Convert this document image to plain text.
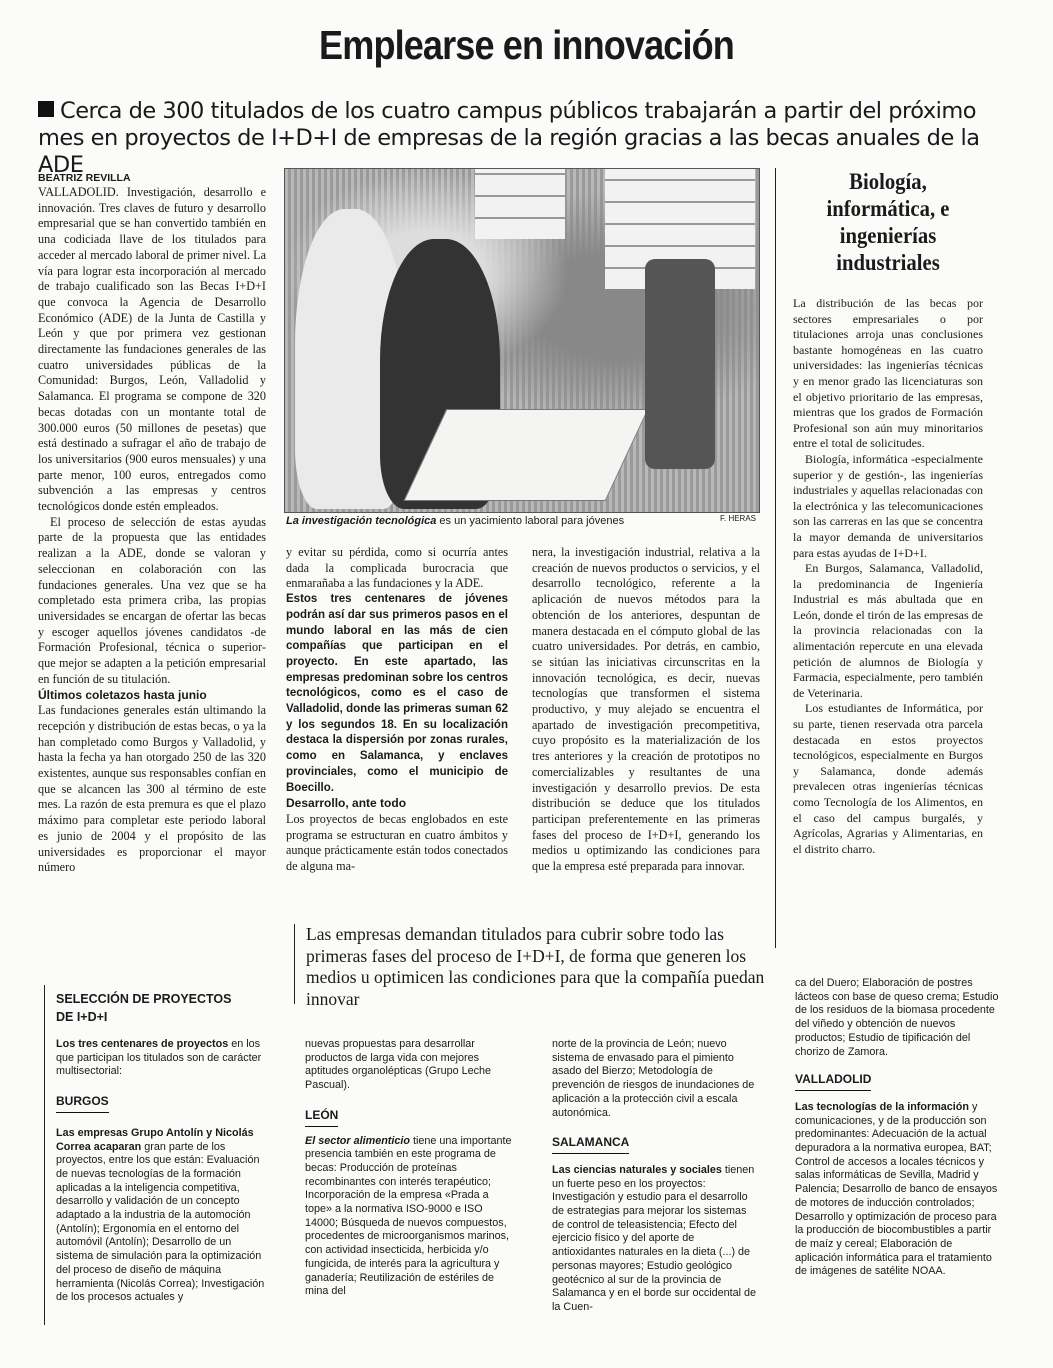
Emplearse en innovación
Cerca de 300 titulados de los cuatro campus públicos trabajarán a partir del próximo mes en proyectos de I+D+I de empresas de la región gracias a las becas anuales de la ADE
BEATRIZ REVILLA

VALLADOLID. Investigación, desarrollo e innovación. Tres claves de futuro y desarrollo empresarial que se han convertido también en una codiciada llave de los titulados para acceder al mercado laboral de primer nivel. La vía para lograr esta incorporación al mercado de trabajo cualificado son las Becas I+D+I que convoca la Agencia de Desarrollo Económico (ADE) de la Junta de Castilla y León y que por primera vez gestionan directamente las fundaciones generales de las cuatro universidades públicas de la Comunidad: Burgos, León, Valladolid y Salamanca. El programa se compone de 320 becas dotadas con un montante total de 300.000 euros (50 millones de pesetas) que está destinado a sufragar el año de trabajo de los universitarios (900 euros mensuales) y una parte menor, 100 euros, entregados como subvención a las empresas y centros tecnológicos donde estén empleados.

El proceso de selección de estas ayudas parte de la propuesta que las entidades realizan a la ADE, donde se valoran y seleccionan en colaboración con las fundaciones generales. Una vez que se ha completado esta primera criba, las propias universidades se encargan de ofertar las becas y escoger aquellos jóvenes candidatos -de Formación Profesional, técnica o superior- que mejor se adapten a la petición empresarial en función de su titulación.

Últimos coletazos hasta junio

Las fundaciones generales están ultimando la recepción y distribución de estas becas, o ya la han completado como Burgos y Valladolid, y hasta la fecha ya han otorgado 250 de las 320 existentes, aunque sus responsables confían en que se alcancen las 300 al término de este mes. La razón de esta premura es que el plazo máximo para completar este periodo laboral es junio de 2004 y el propósito de las universidades es proporcionar el mayor número

La investigación tecnológica es un yacimiento laboral para jóvenes	F. HERAS

y evitar su pérdida, como si ocurría antes dada la complicada burocracia que enmarañaba a las fundaciones y la ADE.

Estos tres centenares de jóvenes podrán así dar sus primeros pasos en el mundo laboral en las más de cien compañías que participan en el proyecto. En este apartado, las empresas predominan sobre los centros tecnológicos, como es el caso de Valladolid, donde las primeras suman 62 y los segundos 18. En su localización destaca la dispersión por zonas rurales, como en Salamanca, y enclaves provinciales, como el municipio de Boecillo.

Desarrollo, ante todo

Los proyectos de becas englobados en este programa se estructuran en cuatro ámbitos y aunque prácticamente están todos conectados de alguna ma-

nera, la investigación industrial, relativa a la creación de nuevos productos o servicios, y el desarrollo tecnológico, referente a la aplicación de nuevos métodos para la obtención de los anteriores, despuntan de manera destacada en el cómputo global de las cuatro universidades. Por detrás, en cambio, se sitúan las iniciativas circunscritas en la innovación tecnológica, es decir, nuevas tecnologías que transformen el sistema productivo, y muy alejado se encuentra el apartado de investigación precompetitiva, cuyo propósito es la materialización de los tres anteriores y la creación de prototipos no comercializables y resultantes de una investigación y desarrollo previos. De esta distribución se deduce que los titulados participan preferentemente en las primeras fases del proceso de I+D+I, generando los medios u optimizando las condiciones para que la empresa esté preparada para innovar.

Biología, informática, e ingenierías industriales

La distribución de las becas por sectores empresariales o por titulaciones arroja unas conclusiones bastante homogéneas en las cuatro universidades: las ingenierías técnicas y en menor grado las licenciaturas son el objetivo prioritario de las empresas, mientras que los grados de Formación Profesional son aún muy minoritarios entre el total de solicitudes.

Biología, informática -especialmente superior y de gestión-, las ingenierías industriales y aquellas relacionadas con la electrónica y las telecomunicaciones son las carreras en las que se concentra la mayor demanda de universitarios para estas ayudas de I+D+I.

En Burgos, Salamanca, Valladolid, la predominancia de Ingeniería Industrial es más abultada que en León, donde el tirón de las empresas de la provincia relacionadas con la alimentación repercute en una elevada petición de alumnos de Biología y Farmacia, especialmente, pero también de Veterinaria.

Los estudiantes de Informática, por su parte, tienen reservada otra parcela destacada en estos proyectos tecnológicos, especialmente en Burgos y Salamanca, donde además prevalecen otras ingenierías técnicas como Tecnología de los Alimentos, en el caso del campus burgalés, y Agrícolas, Agrarias y Alimentarias, en el distrito charro.

Las empresas demandan titulados para cubrir sobre todo las primeras fases del proceso de I+D+I, de forma que generen los medios u optimicen las condiciones para que la compañía puedan innovar
SELECCIÓN DE PROYECTOS DE I+D+I

Los tres centenares de proyectos en los que participan los titulados son de carácter multisectorial:

BURGOS

Las empresas Grupo Antolín y Nicolás Correa acaparan gran parte de los proyectos, entre los que están: Evaluación de nuevas tecnologías de la formación aplicadas a la inteligencia competitiva, desarrollo y validación de un concepto adaptado a la industria de la automoción (Antolín); Ergonomía en el entorno del automóvil (Antolín); Desarrollo de un sistema de simulación para la optimización del proceso de diseño de máquina herramienta (Nicolás Correa); Investigación de los procesos actuales y

nuevas propuestas para desarrollar productos de larga vida con mejores aptitudes organolépticas (Grupo Leche Pascual).

LEÓN

El sector alimenticio tiene una importante presencia también en este programa de becas: Producción de proteínas recombinantes con interés terapéutico; Incorporación de la empresa «Prada a tope» a la normativa ISO-9000 e ISO 14000; Búsqueda de nuevos compuestos, procedentes de microorganismos marinos, con actividad insecticida, herbicida y/o fungicida, de interés para la agricultura y ganadería; Reutilización de estériles de mina del

norte de la provincia de León; nuevo sistema de envasado para el pimiento asado del Bierzo; Metodología de prevención de riesgos de inundaciones de aplicación a la protección civil a escala autonómica.

SALAMANCA

Las ciencias naturales y sociales tienen un fuerte peso en los proyectos: Investigación y estudio para el desarrollo de estrategias para mejorar los sistemas de control de teleasistencia; Efecto del ejercicio físico y del aporte de antioxidantes naturales en la dieta (...) de personas mayores; Estudio geológico geotécnico al sur de la provincia de Salamanca y en el borde sur occidental de la Cuen-

ca del Duero; Elaboración de postres lácteos con base de queso crema; Estudio de los residuos de la biomasa procedente del viñedo y obtención de nuevos productos; Estudio de tipificación del chorizo de Zamora.

VALLADOLID

Las tecnologías de la información y comunicaciones, y de la producción son predominantes: Adecuación de la actual depuradora a la normativa europea, BAT; Control de accesos a locales técnicos y salas informáticas de Sevilla, Madrid y Palencia; Desarrollo de banco de ensayos de motores de inducción controlados; Desarrollo y optimización de proceso para la producción de biocombustibles a partir de maíz y cereal; Elaboración de aplicación informática para el tratamiento de imágenes de satélite NOAA.
